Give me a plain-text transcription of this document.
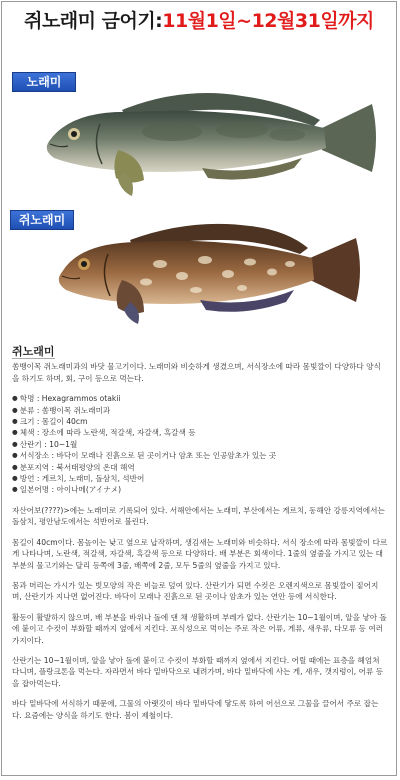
쥐노래미 금어기:11월1일~12월31일까지
노래미
쥐노래미
쥐노래미

쏨뱅이목 쥐노래미과의 바닷 물고기이다. 노래미와 비슷하게 생겼으며, 서식장소에 따라 몸빛깔이 다양하다 양식을 하기도 하며, 회, 구이 등으로 먹는다.

● 학명 : Hexagrammos otakii
● 분류 : 쏨뱅이목 쥐노래미과
● 크기 : 몸길이 40cm
● 체색 : 장소에 따라 노란색, 적갈색, 자갈색, 흑갈색 등
● 산란기 : 10~1월
● 서식장소 : 바닥이 모래나 진흙으로 된 곳이거나 암초 또는 인공암초가 있는 곳
● 분포지역 : 북서태평양의 온대 해역
● 방언 : 게르치, 노래미, 돌삼치, 석반어
● 일본어명 : 아이나메(アイナメ)

자산어보(????)>에는 노래미로 기록되어 있다. 서해안에서는 노래미, 부산에서는 게르치, 동해안 강릉지역에서는 돌삼치, 평안남도에서는 석반어로 불린다.

몸길이 40cm이다. 몸높이는 낮고 옆으로 납작하며, 생김새는 노래미와 비슷하다. 서식 장소에 따라 몸빛깔이 다르게 나타나며, 노란색, 적갈색, 자갈색, 흑갈색 등으로 다양하다. 배 부분은 회색이다. 1줄의 옆줄을 가지고 있는 대부분의 물고기와는 달리 등쪽에 3줄, 배쪽에 2줄, 모두 5줄의 옆줄을 가지고 있다.

몸과 머리는 가시가 있는 빗모양의 작은 비늘로 덮여 있다. 산란기가 되면 수컷은 오렌지색으로 몸빛깔이 짙어지며, 산란기가 지나면 없어진다. 바닥이 모래나 진흙으로 된 곳이나 암초가 있는 연안 등에 서식한다.

활동이 활발하지 않으며, 배 부분을 바위나 돌에 댄 채 생활하며 부레가 없다. 산란기는 10~1월이며, 알을 낳아 돌에 붙이고 수컷이 부화할 때까지 옆에서 지킨다. 포식성으로 먹이는 주로 작은 어류, 게류, 새우류, 다모류 등 여러 가지이다.

산란기는 10~1월이며, 알을 낳아 돌에 붙이고 수컷이 부화할 때까지 옆에서 지킨다. 어릴 때에는 표층을 헤엄쳐 다니며, 플랑크톤을 먹는다. 자라면서 바다 밑바닥으로 내려가며, 바다 밑바닥에 사는 게, 새우, 갯지렁이, 어류 등을 잡아먹는다.

바다 밑바닥에 서식하기 때문에, 그물의 아랫깃이 바다 밑바닥에 닿도록 하여 어선으로 그물을 끌어서 주로 잡는다. 요즘에는 양식을 하기도 한다. 봄이 제철이다.
